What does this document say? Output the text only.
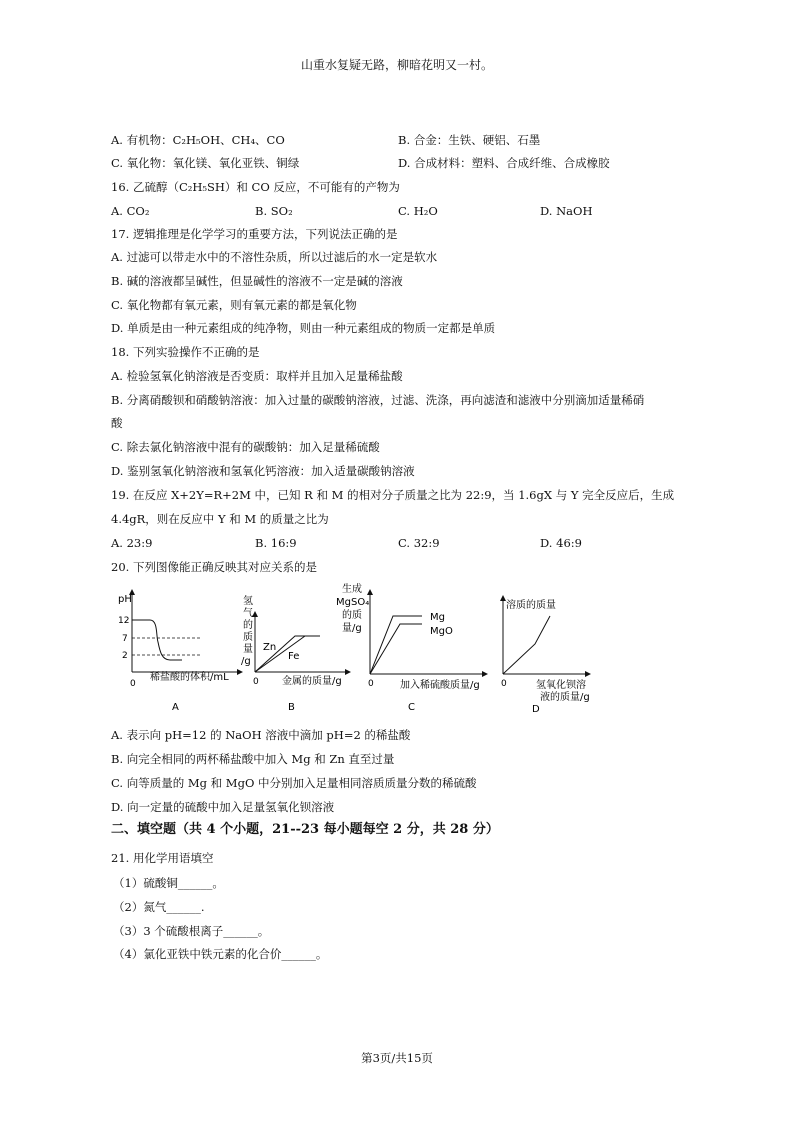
山重水复疑无路，柳暗花明又一村。
A. 有机物：C₂H₅OH、CH₄、CO	B. 合金：生铁、硬铝、石墨
C. 氧化物：氧化镁、氧化亚铁、铜绿	D. 合成材料：塑料、合成纤维、合成橡胶
16. 乙硫醇（C₂H₅SH）和 CO 反应，不可能有的产物为
A. CO₂	B. SO₂	C. H₂O	D. NaOH
17. 逻辑推理是化学学习的重要方法，下列说法正确的是
A. 过滤可以带走水中的不溶性杂质，所以过滤后的水一定是软水
B. 碱的溶液都呈碱性，但显碱性的溶液不一定是碱的溶液
C. 氧化物都有氧元素，则有氧元素的都是氧化物
D. 单质是由一种元素组成的纯净物，则由一种元素组成的物质一定都是单质
18. 下列实验操作不正确的是
A. 检验氢氧化钠溶液是否变质：取样并且加入足量稀盐酸
B. 分离硝酸钡和硝酸钠溶液：加入过量的碳酸钠溶液，过滤、洗涤，再向滤渣和滤液中分别滴加适量稀硝
酸
C. 除去氯化钠溶液中混有的碳酸钠：加入足量稀硫酸
D. 鉴别氢氧化钠溶液和氢氧化钙溶液：加入适量碳酸钠溶液
19. 在反应 X+2Y=R+2M 中，已知 R 和 M 的相对分子质量之比为 22:9，当 1.6gX 与 Y 完全反应后，生成
4.4gR，则在反应中 Y 和 M 的质量之比为
A. 23:9	B. 16:9	C. 32:9	D. 46:9
20. 下列图像能正确反映其对应关系的是
pH
12
7
2
0
稀盐酸的体积/mL
A
氢 气 的 质 量 /g
Zn
Fe
0 金属的质量/g
B
生成 MgSO₄ 的质 量/g
Mg
MgO
0	加入稀硫酸质量/g
C
溶质的质量
0	氢氧化钡溶
液的质量/g
D
A. 表示向 pH=12 的 NaOH 溶液中滴加 pH=2 的稀盐酸
B. 向完全相同的两杯稀盐酸中加入 Mg 和 Zn 直至过量
C. 向等质量的 Mg 和 MgO 中分别加入足量相同溶质质量分数的稀硫酸
D. 向一定量的硫酸中加入足量氢氧化钡溶液
二、填空题（共 4 个小题，21--23 每小题每空 2 分，共 28 分）
21. 用化学用语填空
（1）硫酸铜______。
（2）氮气______.
（3）3 个硫酸根离子______。
（4）氯化亚铁中铁元素的化合价______。
第3页/共15页
